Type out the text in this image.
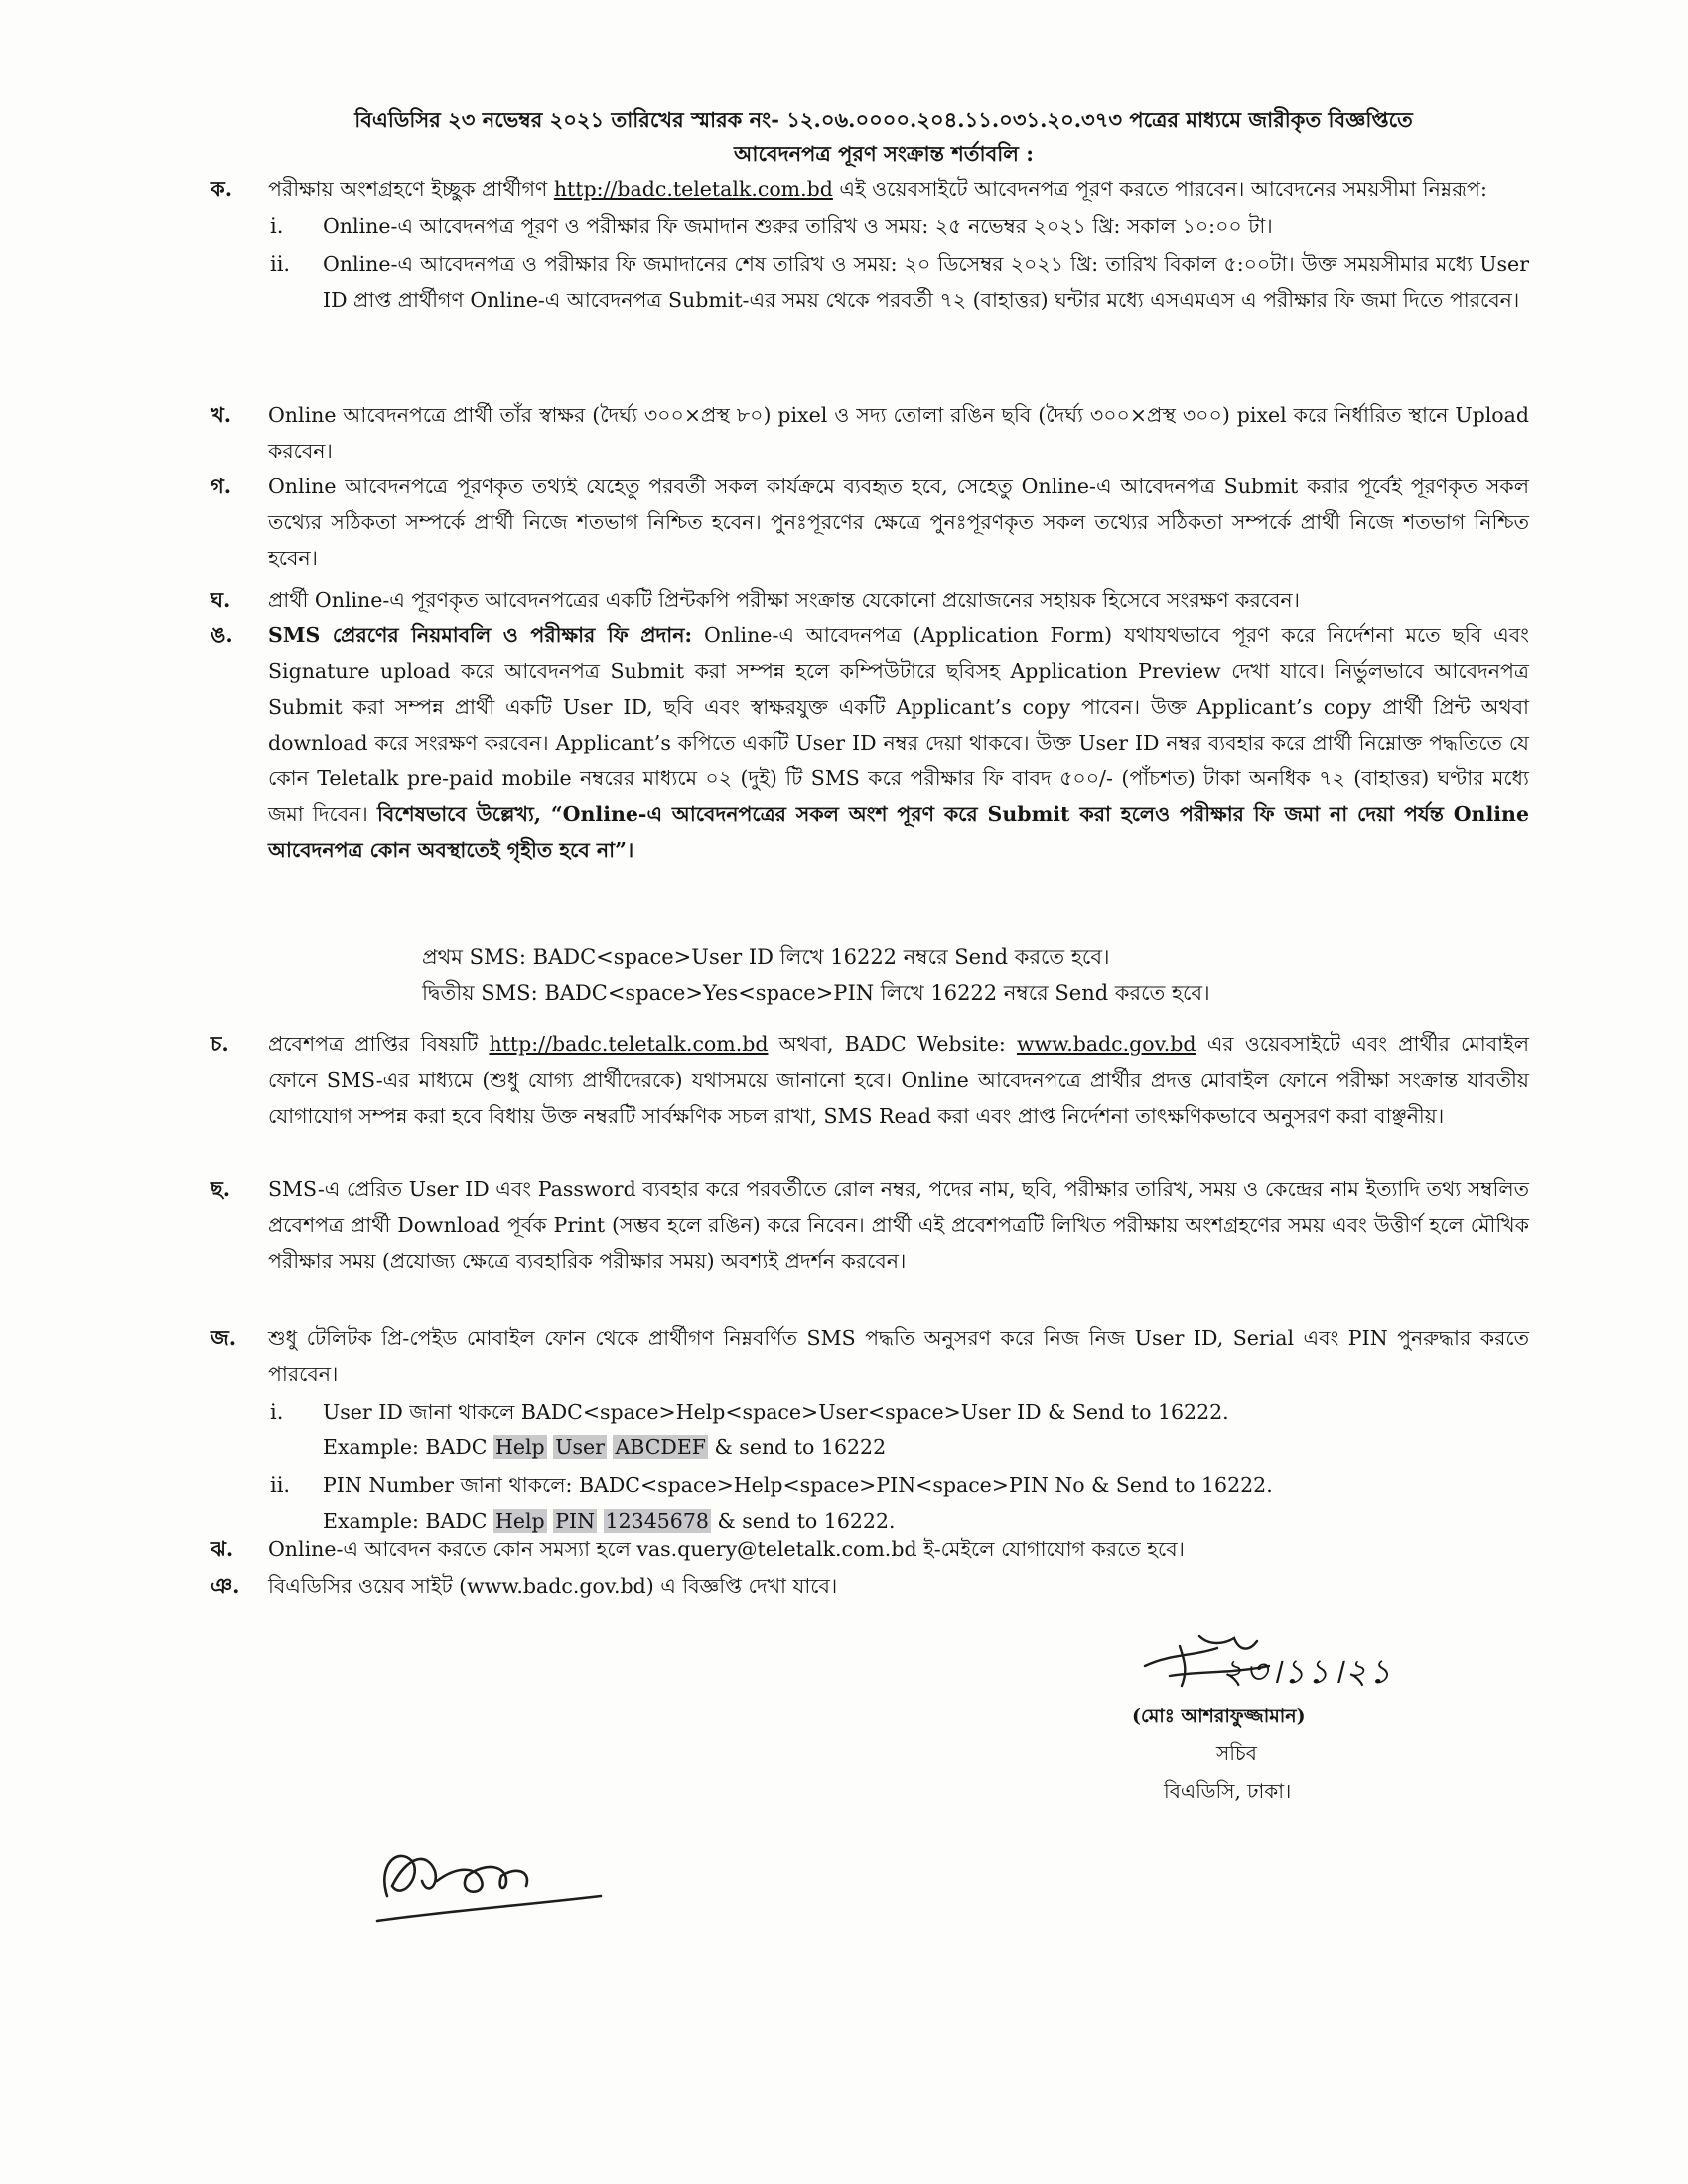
বিএডিসির ২৩ নভেম্বর ২০২১ তারিখের স্মারক নং- ১২.০৬.০০০০.২০৪.১১.০৩১.২০.৩৭৩ পত্রের মাধ্যমে জারীকৃত বিজ্ঞপ্তিতে
আবেদনপত্র পূরণ সংক্রান্ত শর্তাবলি :
ক. পরীক্ষায় অংশগ্রহণে ইচ্ছুক প্রার্থীগণ http://badc.teletalk.com.bd এই ওয়েবসাইটে আবেদনপত্র পূরণ করতে পারবেন। আবেদনের সময়সীমা নিম্নরূপ:
i. Online-এ আবেদনপত্র পূরণ ও পরীক্ষার ফি জমাদান শুরুর তারিখ ও সময়: ২৫ নভেম্বর ২০২১ খ্রি: সকাল ১০:০০ টা।
ii. Online-এ আবেদনপত্র ও পরীক্ষার ফি জমাদানের শেষ তারিখ ও সময়: ২০ ডিসেম্বর ২০২১ খ্রি: তারিখ বিকাল ৫:০০টা। উক্ত সময়সীমার মধ্যে User ID প্রাপ্ত প্রার্থীগণ Online-এ আবেদনপত্র Submit-এর সময় থেকে পরবর্তী ৭২ (বাহাত্তর) ঘন্টার মধ্যে এসএমএস এ পরীক্ষার ফি জমা দিতে পারবেন।
খ. Online আবেদনপত্রে প্রার্থী তাঁর স্বাক্ষর (দৈর্ঘ্য ৩০০×প্রস্থ ৮০) pixel ও সদ্য তোলা রঙিন ছবি (দৈর্ঘ্য ৩০০×প্রস্থ ৩০০) pixel করে নির্ধারিত স্থানে Upload করবেন।
গ. Online আবেদনপত্রে পূরণকৃত তথ্যই যেহেতু পরবর্তী সকল কার্যক্রমে ব্যবহৃত হবে, সেহেতু Online-এ আবেদনপত্র Submit করার পূর্বেই পূরণকৃত সকল তথ্যের সঠিকতা সম্পর্কে প্রার্থী নিজে শতভাগ নিশ্চিত হবেন। পুনঃপূরণের ক্ষেত্রে পুনঃপূরণকৃত সকল তথ্যের সঠিকতা সম্পর্কে প্রার্থী নিজে শতভাগ নিশ্চিত হবেন।
ঘ. প্রার্থী Online-এ পূরণকৃত আবেদনপত্রের একটি প্রিন্টকপি পরীক্ষা সংক্রান্ত যেকোনো প্রয়োজনের সহায়ক হিসেবে সংরক্ষণ করবেন।
ঙ. SMS প্রেরণের নিয়মাবলি ও পরীক্ষার ফি প্রদান: Online-এ আবেদনপত্র (Application Form) যথাযথভাবে পূরণ করে নির্দেশনা মতে ছবি এবং Signature upload করে আবেদনপত্র Submit করা সম্পন্ন হলে কম্পিউটারে ছবিসহ Application Preview দেখা যাবে। নির্ভুলভাবে আবেদনপত্র Submit করা সম্পন্ন প্রার্থী একটি User ID, ছবি এবং স্বাক্ষরযুক্ত একটি Applicant’s copy পাবেন। উক্ত Applicant’s copy প্রার্থী প্রিন্ট অথবা download করে সংরক্ষণ করবেন। Applicant’s কপিতে একটি User ID নম্বর দেয়া থাকবে। উক্ত User ID নম্বর ব্যবহার করে প্রার্থী নিম্নোক্ত পদ্ধতিতে যে কোন Teletalk pre-paid mobile নম্বরের মাধ্যমে ০২ (দুই) টি SMS করে পরীক্ষার ফি বাবদ ৫০০/- (পাঁচশত) টাকা অনধিক ৭২ (বাহাত্তর) ঘণ্টার মধ্যে জমা দিবেন। বিশেষভাবে উল্লেখ্য, “Online-এ আবেদনপত্রের সকল অংশ পূরণ করে Submit করা হলেও পরীক্ষার ফি জমা না দেয়া পর্যন্ত Online আবেদনপত্র কোন অবস্থাতেই গৃহীত হবে না”।
প্রথম SMS: BADC<space>User ID লিখে 16222 নম্বরে Send করতে হবে।
দ্বিতীয় SMS: BADC<space>Yes<space>PIN লিখে 16222 নম্বরে Send করতে হবে।
চ. প্রবেশপত্র প্রাপ্তির বিষয়টি http://badc.teletalk.com.bd অথবা, BADC Website: www.badc.gov.bd এর ওয়েবসাইটে এবং প্রার্থীর মোবাইল ফোনে SMS-এর মাধ্যমে (শুধু যোগ্য প্রার্থীদেরকে) যথাসময়ে জানানো হবে। Online আবেদনপত্রে প্রার্থীর প্রদত্ত মোবাইল ফোনে পরীক্ষা সংক্রান্ত যাবতীয় যোগাযোগ সম্পন্ন করা হবে বিধায় উক্ত নম্বরটি সার্বক্ষণিক সচল রাখা, SMS Read করা এবং প্রাপ্ত নির্দেশনা তাৎক্ষণিকভাবে অনুসরণ করা বাঞ্ছনীয়।
ছ. SMS-এ প্রেরিত User ID এবং Password ব্যবহার করে পরবর্তীতে রোল নম্বর, পদের নাম, ছবি, পরীক্ষার তারিখ, সময় ও কেন্দ্রের নাম ইত্যাদি তথ্য সম্বলিত প্রবেশপত্র প্রার্থী Download পূর্বক Print (সম্ভব হলে রঙিন) করে নিবেন। প্রার্থী এই প্রবেশপত্রটি লিখিত পরীক্ষায় অংশগ্রহণের সময় এবং উত্তীর্ণ হলে মৌখিক পরীক্ষার সময় (প্রযোজ্য ক্ষেত্রে ব্যবহারিক পরীক্ষার সময়) অবশ্যই প্রদর্শন করবেন।
জ. শুধু টেলিটক প্রি-পেইড মোবাইল ফোন থেকে প্রার্থীগণ নিম্নবর্ণিত SMS পদ্ধতি অনুসরণ করে নিজ নিজ User ID, Serial এবং PIN পুনরুদ্ধার করতে পারবেন।
i. User ID জানা থাকলে BADC<space>Help<space>User<space>User ID & Send to 16222.
Example: BADC Help User ABCDEF & send to 16222
ii. PIN Number জানা থাকলে: BADC<space>Help<space>PIN<space>PIN No & Send to 16222.
Example: BADC Help PIN 12345678 & send to 16222.
ঝ. Online-এ আবেদন করতে কোন সমস্যা হলে vas.query@teletalk.com.bd ই-মেইলে যোগাযোগ করতে হবে।
ঞ. বিএডিসির ওয়েব সাইট (www.badc.gov.bd) এ বিজ্ঞপ্তি দেখা যাবে।
২৩।১১।২১
(মোঃ আশরাফুজ্জামান)
সচিব
বিএডিসি, ঢাকা।
